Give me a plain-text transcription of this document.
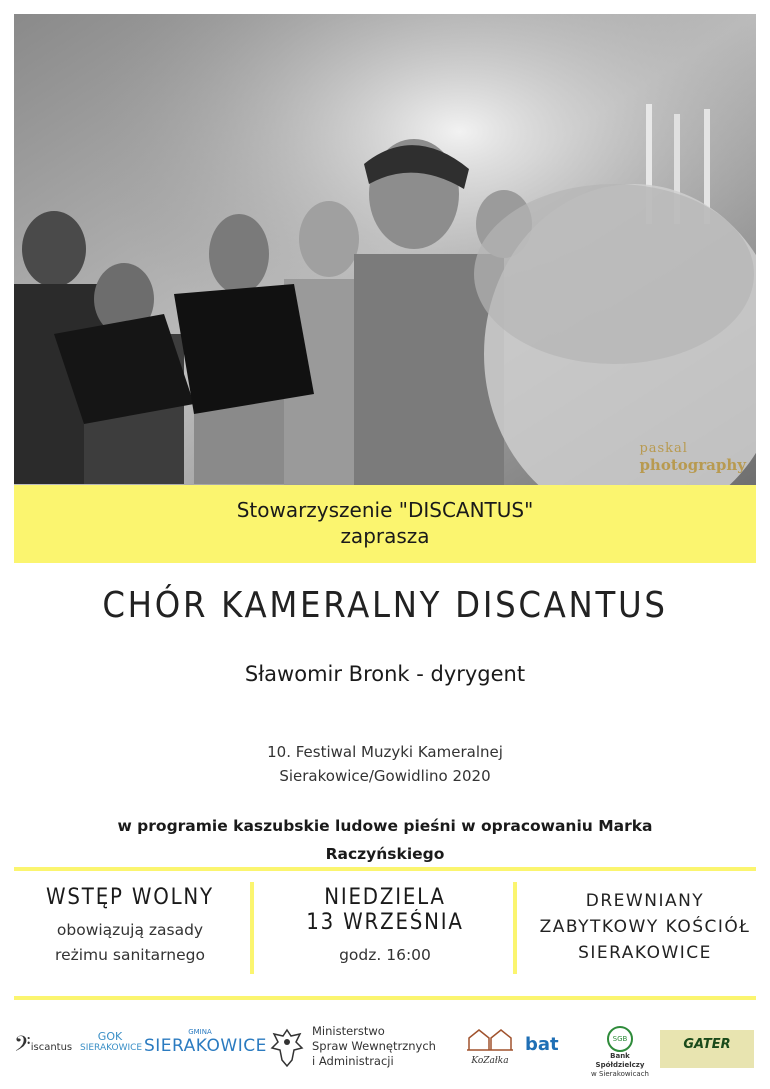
paskal
photography
Stowarzyszenie "DISCANTUS"
zaprasza
CHÓR KAMERALNY DISCANTUS
Sławomir Bronk - dyrygent
10. Festiwal Muzyki Kameralnej
Sierakowice/Gowidlino 2020
w programie kaszubskie ludowe pieśni w opracowaniu Marka
Raczyńskiego
WSTĘP WOLNY
obowiązują zasady
reżimu sanitarnego
NIEDZIELA
13 WRZEŚNIA
godz. 16:00
DREWNIANY
ZABYTKOWY KOŚCIÓŁ
SIERAKOWICE
𝄢iscantus
GOK
SIERAKOWICE
GMINA
SIERAKOWICE
Ministerstwo
Spraw Wewnętrznych
i Administracji	KoZałka
bat	SGB
Bank Spółdzielczy
w Sierakowicach
GATER
